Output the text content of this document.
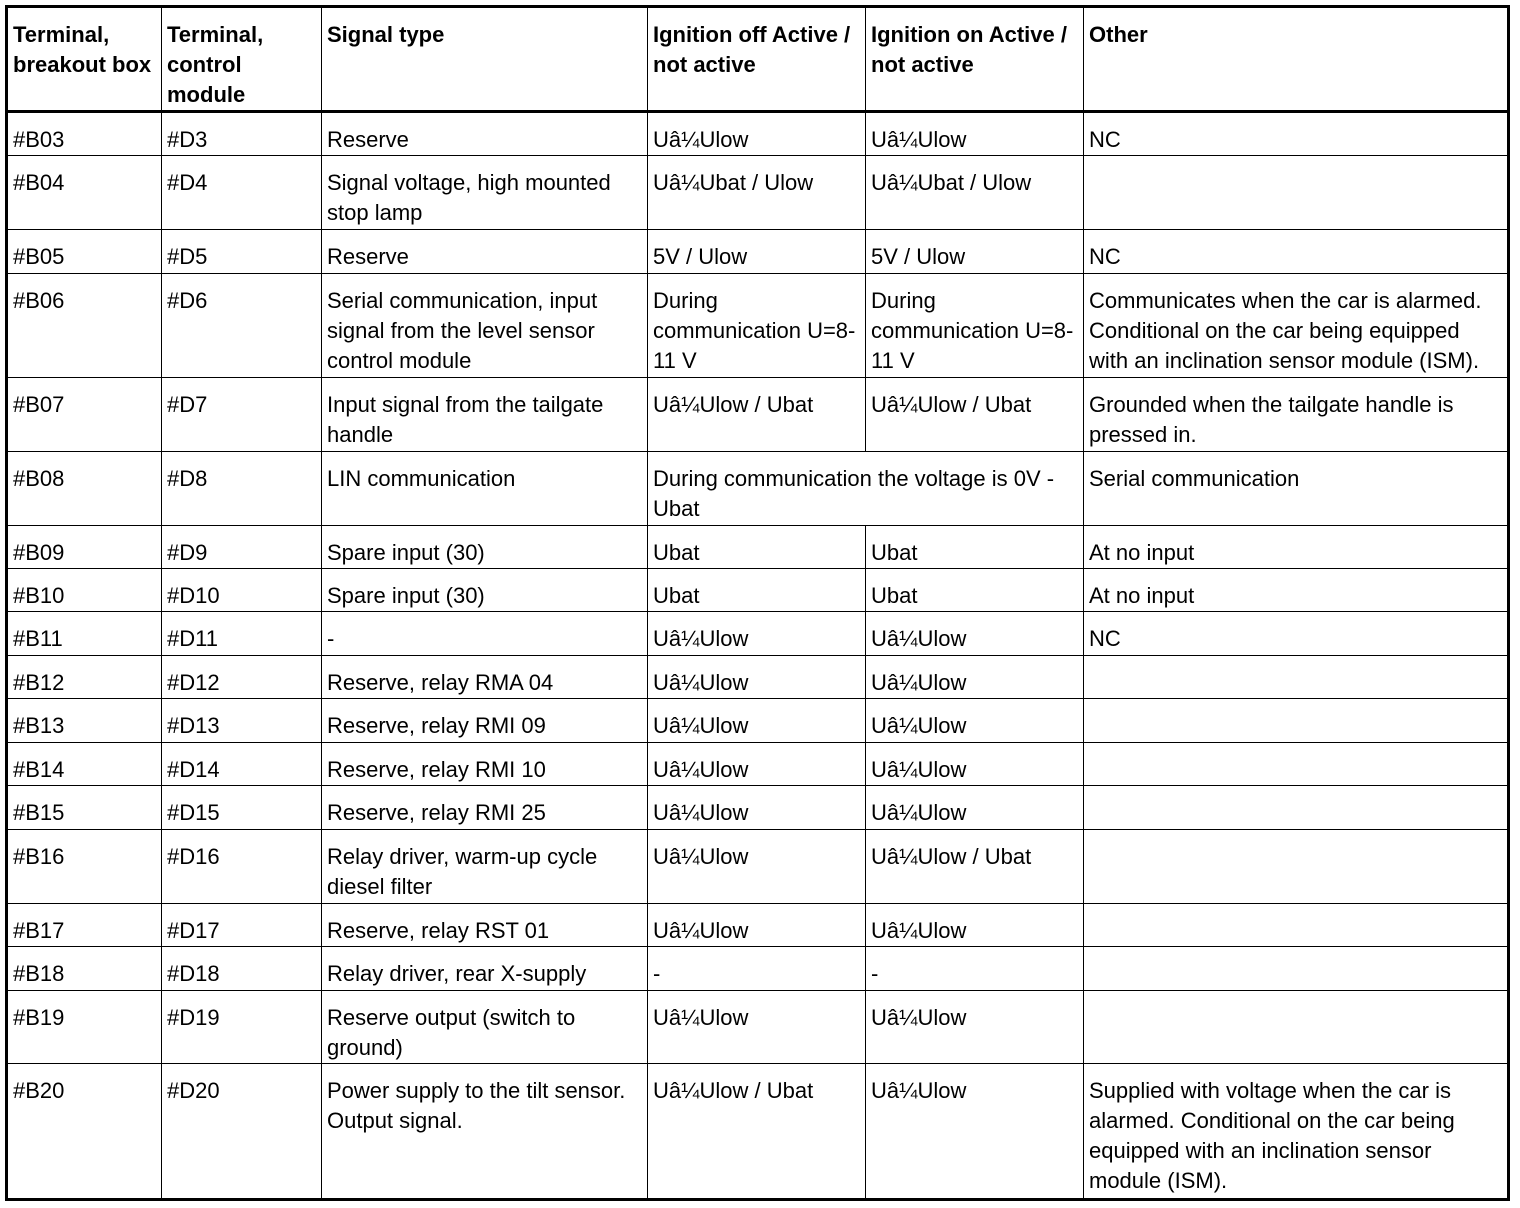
Terminal, breakout box	Terminal, control module	Signal type	Ignition off Active / not active	Ignition on Active / not active	Other
#B03	#D3	Reserve	Uâ¼Ulow	Uâ¼Ulow	NC
#B04	#D4	Signal voltage, high mounted stop lamp	Uâ¼Ubat / Ulow	Uâ¼Ubat / Ulow	
#B05	#D5	Reserve	5V / Ulow	5V / Ulow	NC
#B06	#D6	Serial communication, input signal from the level sensor control module	During communication U=8-11 V	During communication U=8-11 V	Communicates when the car is alarmed. Conditional on the car being equipped with an inclination sensor module (ISM).
#B07	#D7	Input signal from the tailgate handle	Uâ¼Ulow / Ubat	Uâ¼Ulow / Ubat	Grounded when the tailgate handle is pressed in.
#B08	#D8	LIN communication	During communication the voltage is 0V - Ubat		Serial communication
#B09	#D9	Spare input (30)	Ubat	Ubat	At no input
#B10	#D10	Spare input (30)	Ubat	Ubat	At no input
#B11	#D11	-	Uâ¼Ulow	Uâ¼Ulow	NC
#B12	#D12	Reserve, relay RMA 04	Uâ¼Ulow	Uâ¼Ulow	
#B13	#D13	Reserve, relay RMI 09	Uâ¼Ulow	Uâ¼Ulow	
#B14	#D14	Reserve, relay RMI 10	Uâ¼Ulow	Uâ¼Ulow	
#B15	#D15	Reserve, relay RMI 25	Uâ¼Ulow	Uâ¼Ulow	
#B16	#D16	Relay driver, warm-up cycle diesel filter	Uâ¼Ulow	Uâ¼Ulow / Ubat	
#B17	#D17	Reserve, relay RST 01	Uâ¼Ulow	Uâ¼Ulow	
#B18	#D18	Relay driver, rear X-supply	-	-	
#B19	#D19	Reserve output (switch to ground)	Uâ¼Ulow	Uâ¼Ulow	
#B20	#D20	Power supply to the tilt sensor. Output signal.	Uâ¼Ulow / Ubat	Uâ¼Ulow	Supplied with voltage when the car is alarmed. Conditional on the car being equipped with an inclination sensor module (ISM).
